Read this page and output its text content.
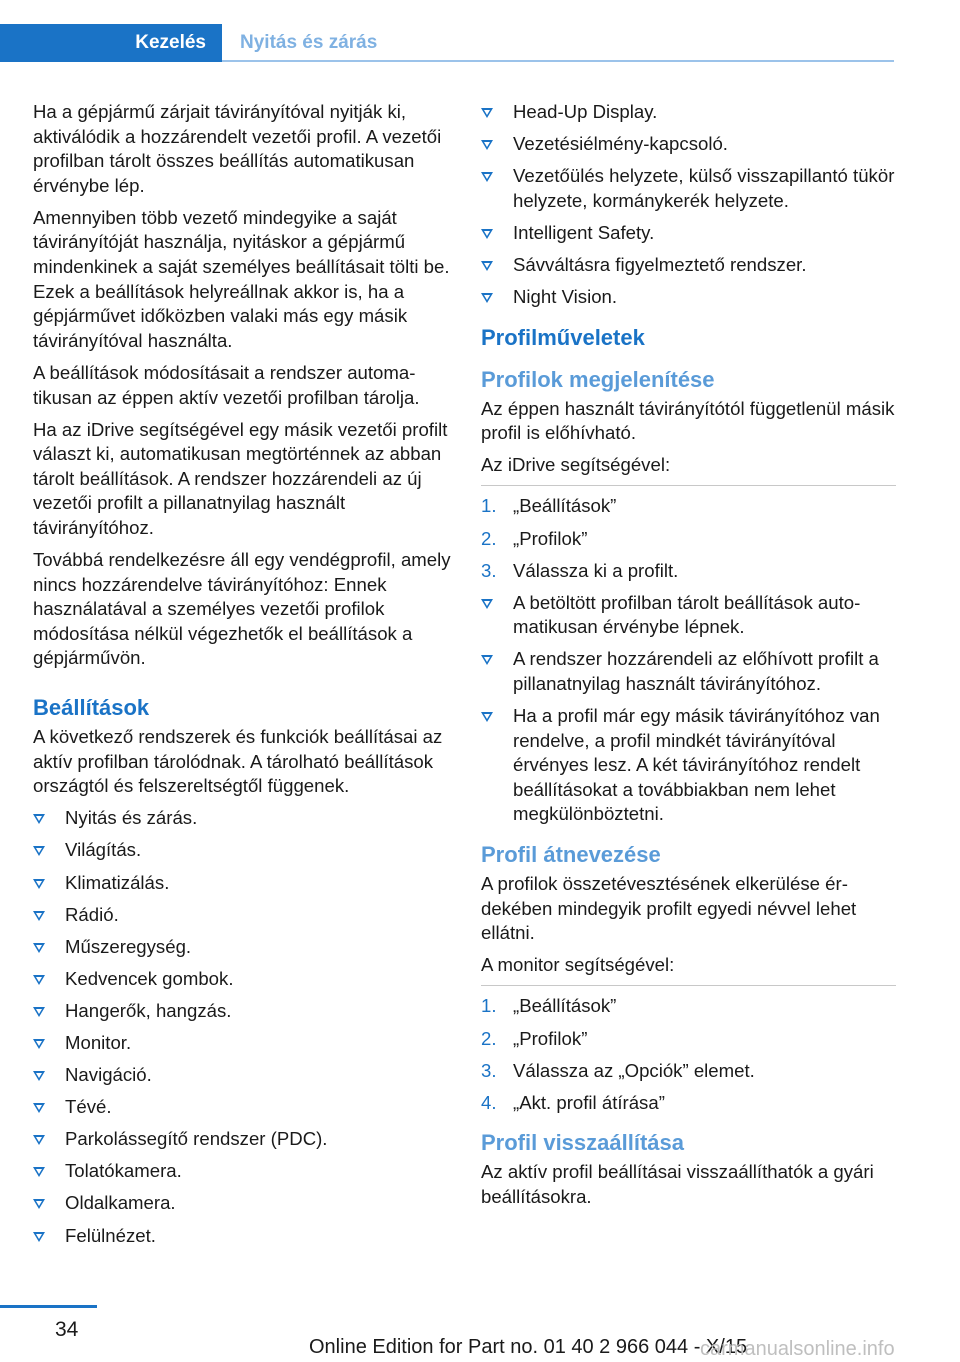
Kezelés	Nyitás és zárás

Ha a gépjármű zárjait távirányítóval nyitják ki, aktiválódik a hozzárendelt vezetői profil. A vezetői profilban tárolt összes beállítás automatikusan érvénybe lép.

Amennyiben több vezető mindegyike a saját távirányítóját használja, nyitáskor a gépjármű mindenkinek a saját személyes beállításait tölti be. Ezek a beállítások helyreállnak akkor is, ha a gépjárművet időközben valaki más egy másik távirányítóval használta.

A beállítások módosításait a rendszer automatikusan az éppen aktív vezetői profilban tárolja.

Ha az iDrive segítségével egy másik vezetői profilt választ ki, automatikusan megtörténnek az abban tárolt beállítások. A rendszer hozzárendeli az új vezetői profilt a pillanatnyilag használt távirányítóhoz.

Továbbá rendelkezésre áll egy vendégprofil, amely nincs hozzárendelve távirányítóhoz: Ennek használatával a személyes vezetői profilok módosítása nélkül végezhetők el beállítások a gépjárművön.

Beállítások

A következő rendszerek és funkciók beállításai az aktív profilban tárolódnak. A tárolható beállítások országtól és felszereltségtől függenek.

Nyitás és zárás.
Világítás.
Klimatizálás.
Rádió.
Műszeregység.
Kedvencek gombok.
Hangerők, hangzás.
Monitor.
Navigáció.
Tévé.
Parkolássegítő rendszer (PDC).
Tolatókamera.
Oldalkamera.
Felülnézet.
Head-Up Display.
Vezetésiélmény-kapcsoló.
Vezetőülés helyzete, külső visszapillantó tükör helyzete, kormánykerék helyzete.
Intelligent Safety.
Sávváltásra figyelmeztető rendszer.
Night Vision.
Profilműveletek
Profilok megjelenítése

Az éppen használt távirányítótól függetlenül másik profil is előhívható.

Az iDrive segítségével:

1. „Beállítások”
2. „Profilok”
3. Válassza ki a profilt.
A betöltött profilban tárolt beállítások automatikusan érvénybe lépnek.
A rendszer hozzárendeli az előhívott profilt a pillanatnyilag használt távirányítóhoz.
Ha a profil már egy másik távirányítóhoz van rendelve, a profil mindkét távirányítóval érvényes lesz. A két távirányítóhoz rendelt beállításokat a továbbiakban nem lehet megkülönböztetni.
Profil átnevezése

A profilok összetévesztésének elkerülése érdekében mindegyik profilt egyedi névvel lehet ellátni.

A monitor segítségével:

1. „Beállítások”
2. „Profilok”
3. Válassza az „Opciók” elemet.
4. „Akt. profil átírása”
Profil visszaállítása

Az aktív profil beállításai visszaállíthatók a gyári beállításokra.

34
Online Edition for Part no. 01 40 2 966 044 - X/15
carmanualsonline.info
